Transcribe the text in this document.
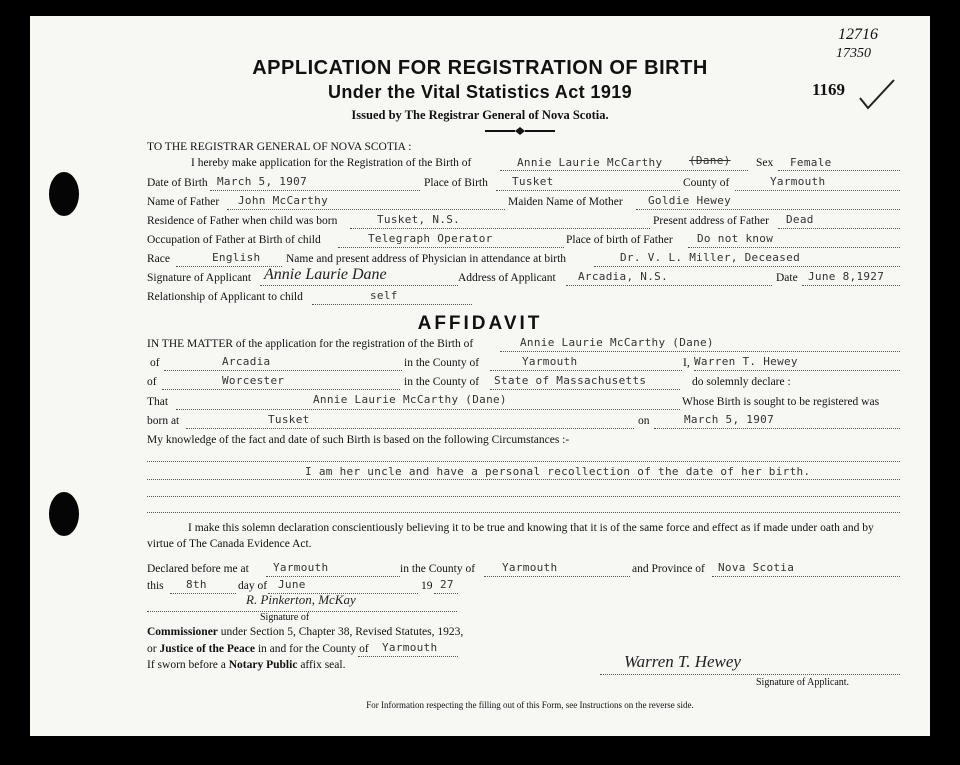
12716
17350
1169
APPLICATION FOR REGISTRATION OF BIRTH
Under the Vital Statistics Act 1919
Issued by The Registrar General of Nova Scotia.
TO THE REGISTRAR GENERAL OF NOVA SCOTIA :
I hereby make application for the Registration of the Birth of	Annie Laurie McCarthy (Dane) Sex Female
Date of Birth March 5, 1907	Place of Birth Tusket	County of	Yarmouth
Name of Father John McCarthy	Maiden Name of Mother Goldie Hewey
Residence of Father when child was born	Tusket, N.S.	Present address of Father Dead
Occupation of Father at Birth of child	Telegraph Operator	Place of birth of Father Do not know
Race	English Name and present address of Physician in attendance at birth	Dr. V. L. Miller, Deceased
Signature of Applicant Annie Laurie Dane	Address of Applicant Arcadia, N.S.	Date June 8,1927
Relationship of Applicant to child	self
AFFIDAVIT
IN THE MATTER of the application for the registration of the Birth of	Annie Laurie McCarthy (Dane)
of	Arcadia	in the County of	Yarmouth	I, Warren T. Hewey
of	Worcester	in the County of State of Massachusetts	do solemnly declare :
That	Annie Laurie McCarthy (Dane)	Whose Birth is sought to be registered was
born at	Tusket	on	March 5, 1907
My knowledge of the fact and date of such Birth is based on the following Circumstances :-
I am her uncle and have a personal recollection of the date of her birth.
I make this solemn declaration conscientiously believing it to be true and knowing that it is of the same force and effect as if made under oath and by
virtue of The Canada Evidence Act.
Declared before me at Yarmouth	in the County of Yarmouth	and Province of Nova Scotia
this 8th	day of June	19 27
R. Pinkerton, McKay
Signature of
Commissioner under Section 5, Chapter 38, Revised Statutes, 1923,
or Justice of the Peace in and for the County of Yarmouth
If sworn before a Notary Public affix seal.	Warren T. Hewey
Signature of Applicant.
For Information respecting the filling out of this Form, see Instructions on the reverse side.
